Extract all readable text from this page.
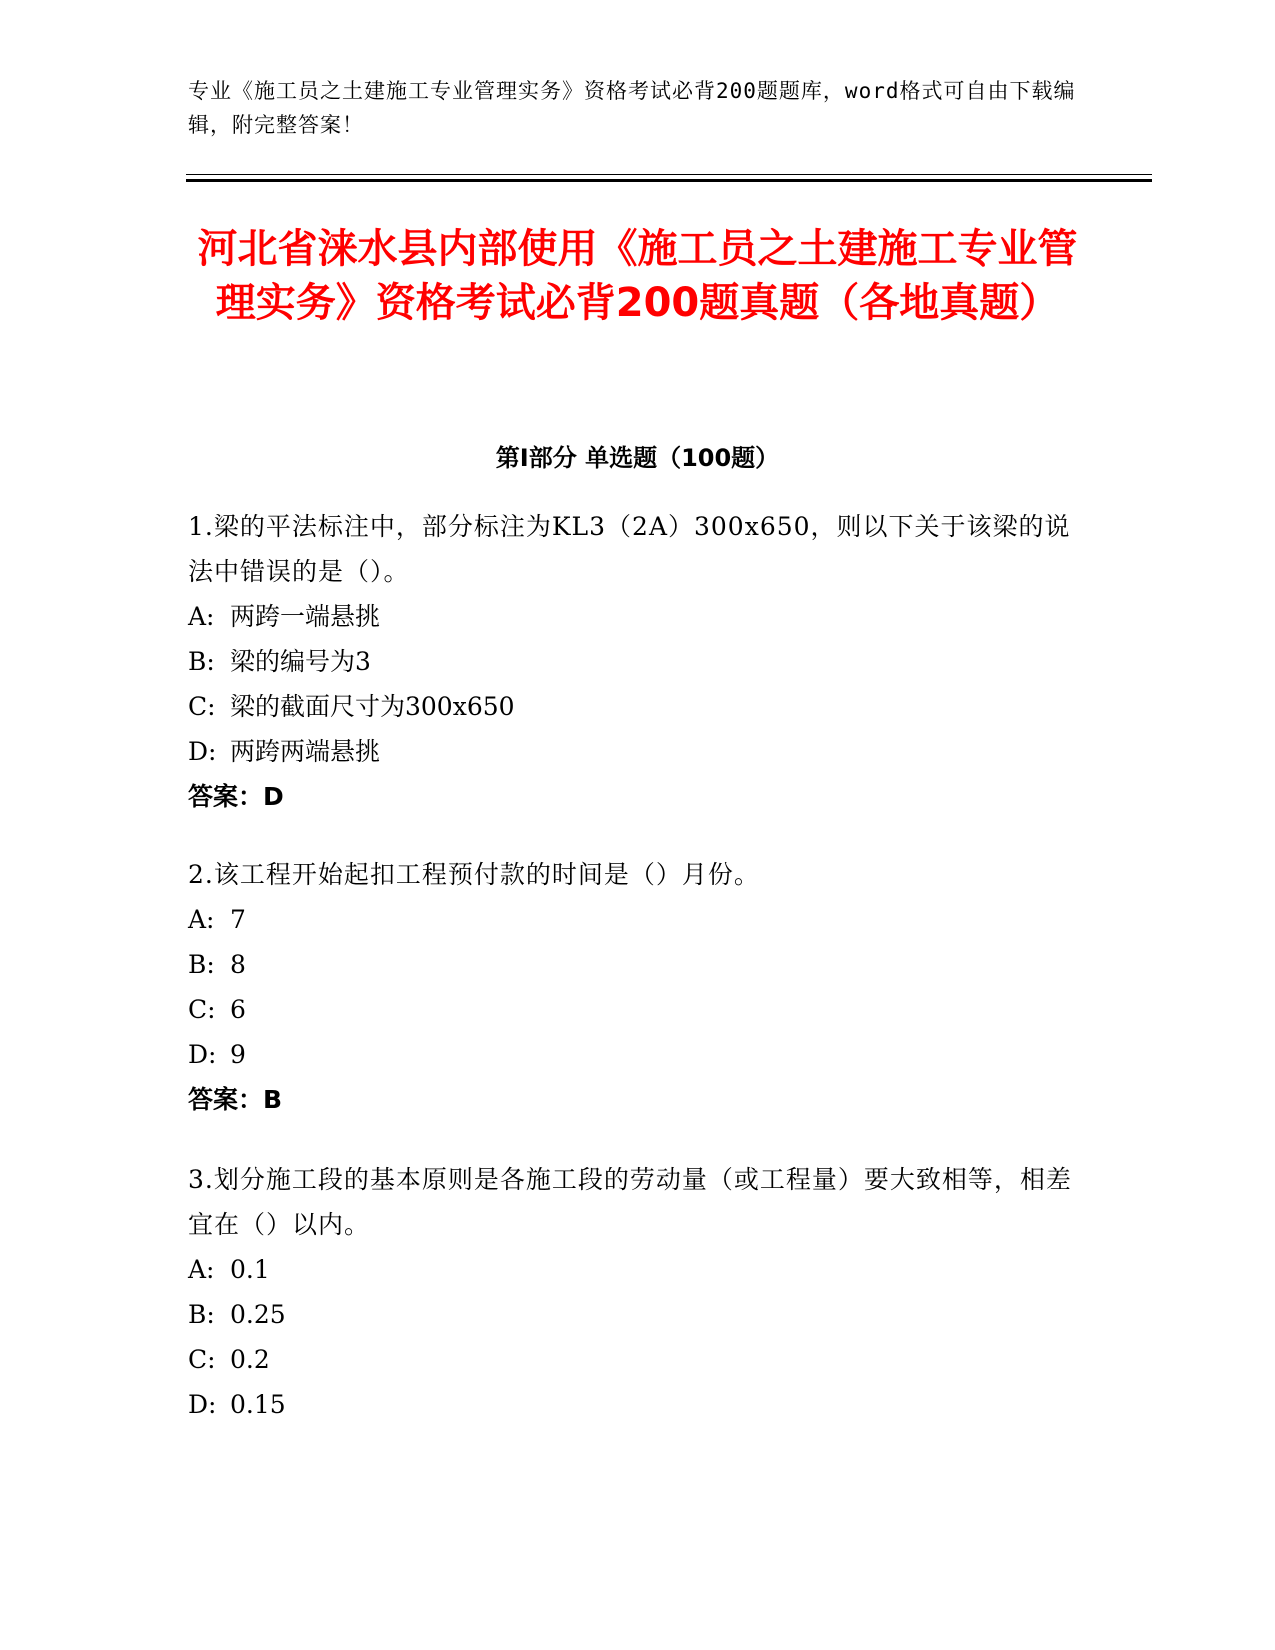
专业《施工员之土建施工专业管理实务》资格考试必背200题题库，word格式可自由下载编辑，附完整答案！
河北省涞水县内部使用《施工员之土建施工专业管理实务》资格考试必背200题真题（各地真题）
第Ⅰ部分 单选题（100题）

1.梁的平法标注中，部分标注为KL3（2A）300x650，则以下关于该梁的说法中错误的是（）。

A: 两跨一端悬挑

B: 梁的编号为3

C: 梁的截面尺寸为300x650

D: 两跨两端悬挑

答案：D

2.该工程开始起扣工程预付款的时间是（）月份。

A: 7

B: 8

C: 6

D: 9

答案：B

3.划分施工段的基本原则是各施工段的劳动量（或工程量）要大致相等，相差宜在（）以内。

A: 0.1

B: 0.25

C: 0.2

D: 0.15
